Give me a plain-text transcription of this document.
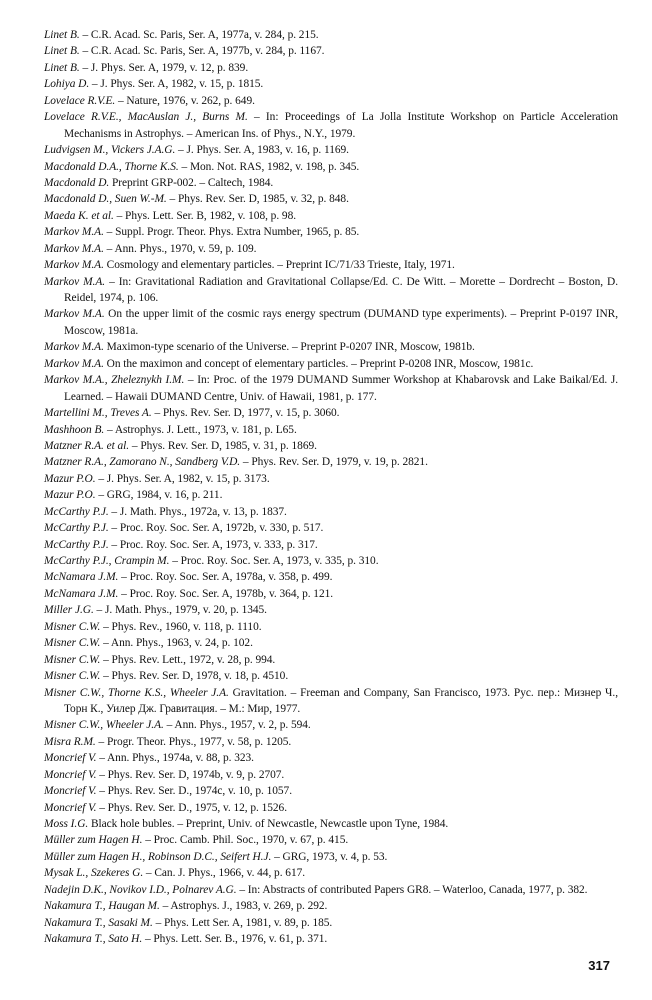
Linet B. – C.R. Acad. Sc. Paris, Ser. A, 1977a, v. 284, p. 215.

Linet B. – C.R. Acad. Sc. Paris, Ser. A, 1977b, v. 284, p. 1167.

Linet B. – J. Phys. Ser. A, 1979, v. 12, p. 839.

Lohiya D. – J. Phys. Ser. A, 1982, v. 15, p. 1815.

Lovelace R.V.E. – Nature, 1976, v. 262, p. 649.

Lovelace R.V.E., MacAuslan J., Burns M. – In: Proceedings of La Jolla Institute Workshop on Particle Acceleration Mechanisms in Astrophys. – American Ins. of Phys., N.Y., 1979.

Ludvigsen M., Vickers J.A.G. – J. Phys. Ser. A, 1983, v. 16, p. 1169.

Macdonald D.A., Thorne K.S. – Mon. Not. RAS, 1982, v. 198, p. 345.

Macdonald D. Preprint GRP-002. – Caltech, 1984.

Macdonald D., Suen W.-M. – Phys. Rev. Ser. D, 1985, v. 32, p. 848.

Maeda K. et al. – Phys. Lett. Ser. B, 1982, v. 108, p. 98.

Markov M.A. – Suppl. Progr. Theor. Phys. Extra Number, 1965, p. 85.

Markov M.A. – Ann. Phys., 1970, v. 59, p. 109.

Markov M.A. Cosmology and elementary particles. – Preprint IC/71/33 Trieste, Italy, 1971.

Markov M.A. – In: Gravitational Radiation and Gravitational Collapse/Ed. C. De Witt. – Morette – Dordrecht – Boston, D. Reidel, 1974, p. 106.

Markov M.A. On the upper limit of the cosmic rays energy spectrum (DUMAND type experiments). – Preprint P-0197 INR, Moscow, 1981a.

Markov M.A. Maximon-type scenario of the Universe. – Preprint P-0207 INR, Moscow, 1981b.

Markov M.A. On the maximon and concept of elementary particles. – Preprint P-0208 INR, Moscow, 1981c.

Markov M.A., Zheleznykh I.M. – In: Proc. of the 1979 DUMAND Summer Workshop at Khabarovsk and Lake Baikal/Ed. J. Learned. – Hawaii DUMAND Centre, Univ. of Hawaii, 1981, p. 177.

Martellini M., Treves A. – Phys. Rev. Ser. D, 1977, v. 15, p. 3060.

Mashhoon B. – Astrophys. J. Lett., 1973, v. 181, p. L65.

Matzner R.A. et al. – Phys. Rev. Ser. D, 1985, v. 31, p. 1869.

Matzner R.A., Zamorano N., Sandberg V.D. – Phys. Rev. Ser. D, 1979, v. 19, p. 2821.

Mazur P.O. – J. Phys. Ser. A, 1982, v. 15, p. 3173.

Mazur P.O. – GRG, 1984, v. 16, p. 211.

McCarthy P.J. – J. Math. Phys., 1972a, v. 13, p. 1837.

McCarthy P.J. – Proc. Roy. Soc. Ser. A, 1972b, v. 330, p. 517.

McCarthy P.J. – Proc. Roy. Soc. Ser. A, 1973, v. 333, p. 317.

McCarthy P.J., Crampin M. – Proc. Roy. Soc. Ser. A, 1973, v. 335, p. 310.

McNamara J.M. – Proc. Roy. Soc. Ser. A, 1978a, v. 358, p. 499.

McNamara J.M. – Proc. Roy. Soc. Ser. A, 1978b, v. 364, p. 121.

Miller J.G. – J. Math. Phys., 1979, v. 20, p. 1345.

Misner C.W. – Phys. Rev., 1960, v. 118, p. 1110.

Misner C.W. – Ann. Phys., 1963, v. 24, p. 102.

Misner C.W. – Phys. Rev. Lett., 1972, v. 28, p. 994.

Misner C.W. – Phys. Rev. Ser. D, 1978, v. 18, p. 4510.

Misner C.W., Thorne K.S., Wheeler J.A. Gravitation. – Freeman and Company, San Francisco, 1973. Рус. пер.: Мизнер Ч., Торн К., Уилер Дж. Гравитация. – М.: Мир, 1977.

Misner C.W., Wheeler J.A. – Ann. Phys., 1957, v. 2, p. 594.

Misra R.M. – Progr. Theor. Phys., 1977, v. 58, p. 1205.

Moncrief V. – Ann. Phys., 1974a, v. 88, p. 323.

Moncrief V. – Phys. Rev. Ser. D, 1974b, v. 9, p. 2707.

Moncrief V. – Phys. Rev. Ser. D., 1974c, v. 10, p. 1057.

Moncrief V. – Phys. Rev. Ser. D., 1975, v. 12, p. 1526.

Moss I.G. Black hole bubles. – Preprint, Univ. of Newcastle, Newcastle upon Tyne, 1984.

Müller zum Hagen H. – Proc. Camb. Phil. Soc., 1970, v. 67, p. 415.

Müller zum Hagen H., Robinson D.C., Seifert H.J. – GRG, 1973, v. 4, p. 53.

Mysak L., Szekeres G. – Can. J. Phys., 1966, v. 44, p. 617.

Nadejin D.K., Novikov I.D., Polnarev A.G. – In: Abstracts of contributed Papers GR8. – Waterloo, Canada, 1977, p. 382.

Nakamura T., Haugan M. – Astrophys. J., 1983, v. 269, p. 292.

Nakamura T., Sasaki M. – Phys. Lett Ser. A, 1981, v. 89, p. 185.

Nakamura T., Sato H. – Phys. Lett. Ser. B., 1976, v. 61, p. 371.

317
